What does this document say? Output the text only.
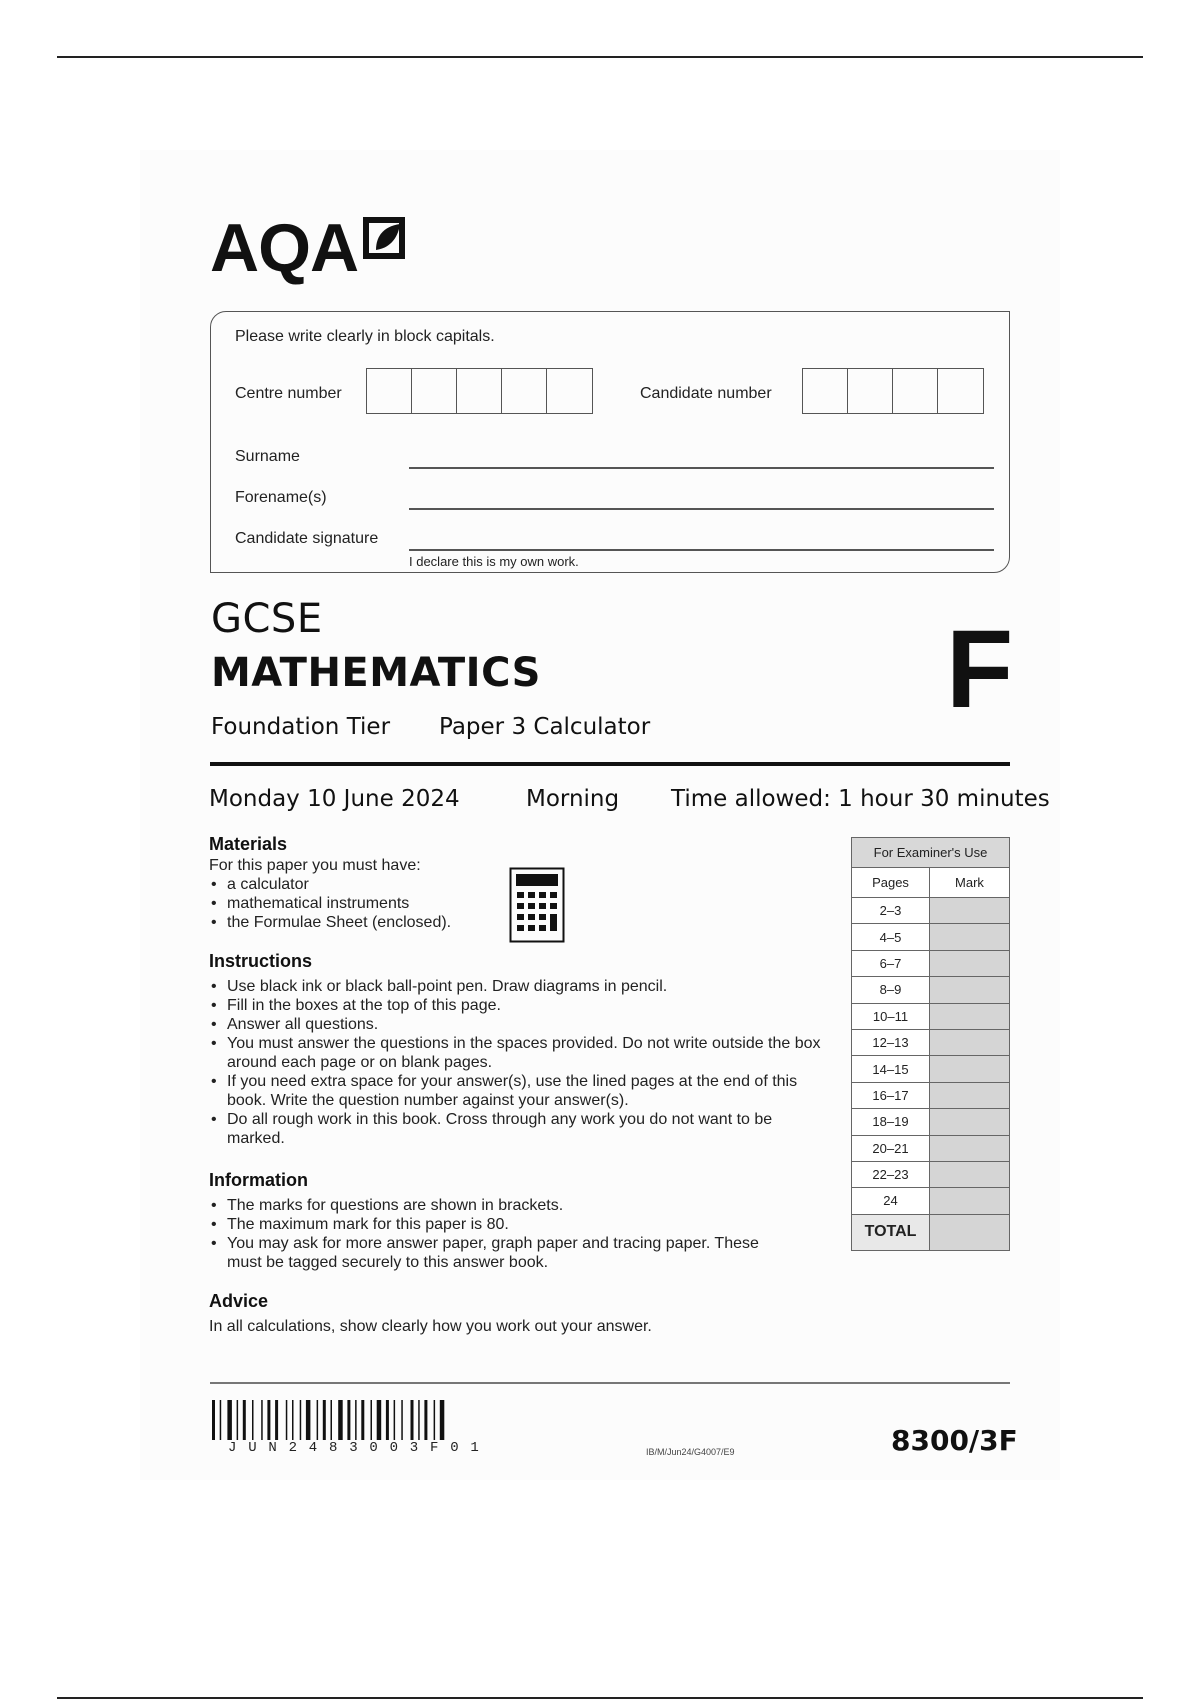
AQA
Please write clearly in block capitals.
Centre number	Candidate number
Surname
Forename(s)
Candidate signature
I declare this is my own work.
GCSE
MATHEMATICS
Foundation Tier Paper 3 Calculator	F
Monday 10 June 2024	Morning Time allowed: 1 hour 30 minutes
Materials
For this paper you must have:
• a calculator
• mathematical instruments
• the Formulae Sheet (enclosed).
Instructions
• Use black ink or black ball-point pen. Draw diagrams in pencil.
• Fill in the boxes at the top of this page.
• Answer all questions.
• You must answer the questions in the spaces provided. Do not write outside the box around each page or on blank pages.
• If you need extra space for your answer(s), use the lined pages at the end of this book. Write the question number against your answer(s).
• Do all rough work in this book. Cross through any work you do not want to be marked.
Information
• The marks for questions are shown in brackets.
• The maximum mark for this paper is 80.
• You may ask for more answer paper, graph paper and tracing paper. These must be tagged securely to this answer book.
Advice
In all calculations, show clearly how you work out your answer.
For Examiner's Use	
Pages	Mark
2–3	
4–5	
6–7	
8–9	
10–11	
12–13	
14–15	
16–17	
18–19	
20–21	
22–23	
24	
TOTAL	
JUN2483003F01	IB/M/Jun24/G4007/E9	8300/3F
